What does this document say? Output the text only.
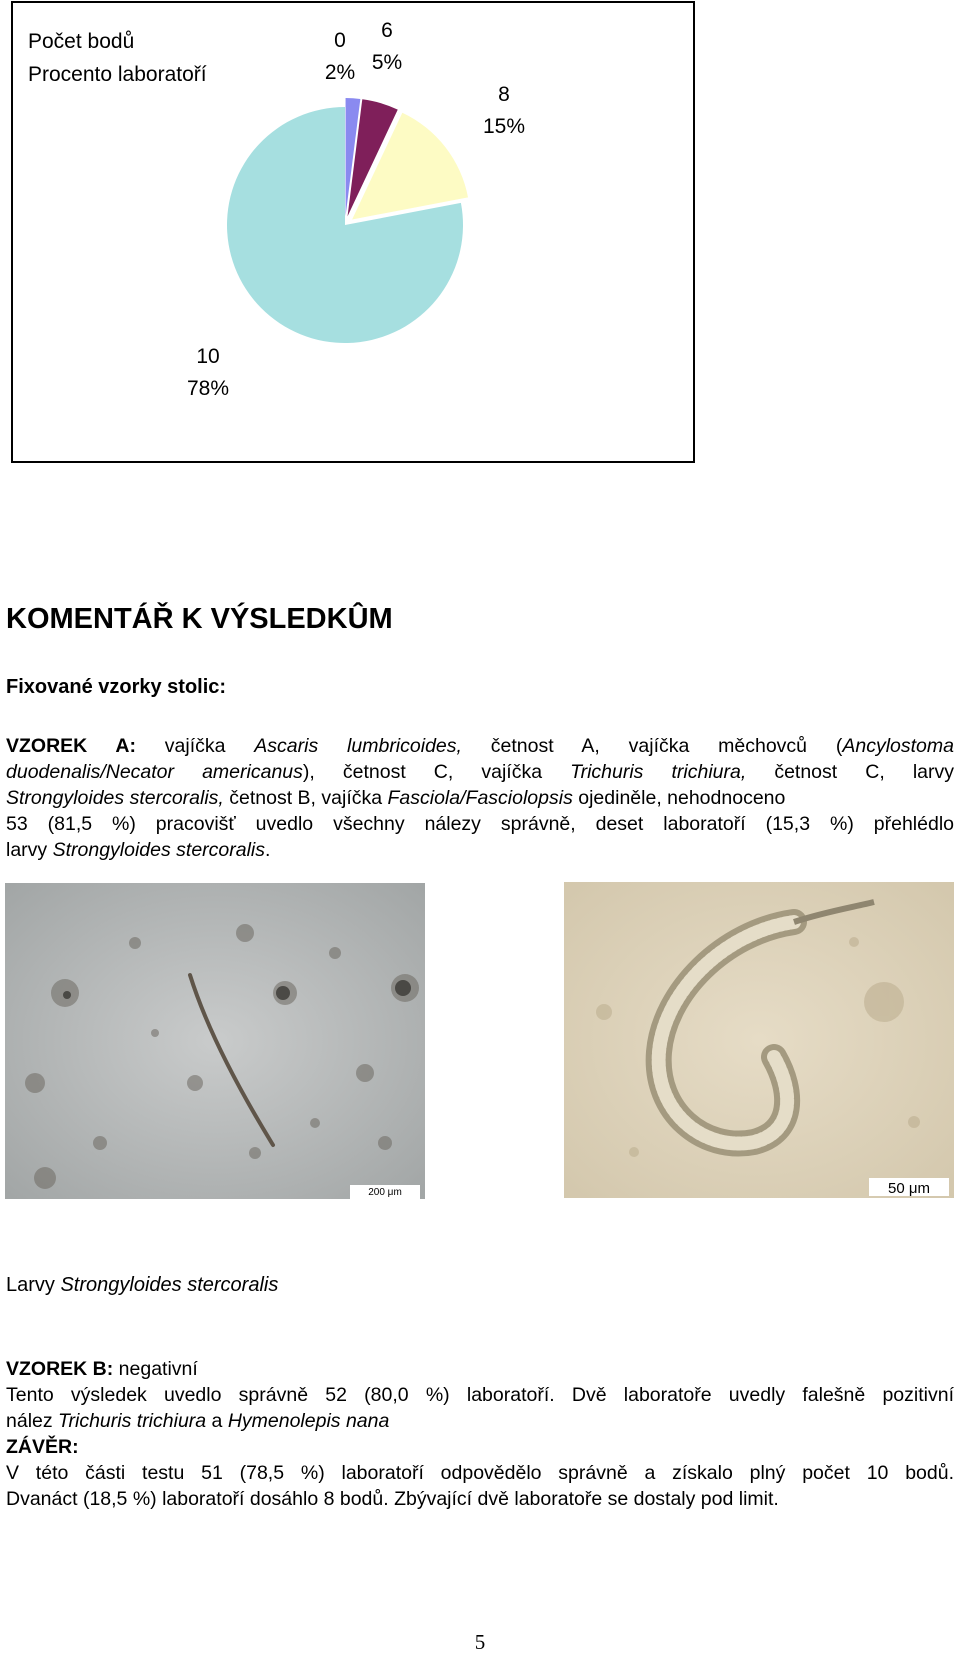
Počet bodů
Procento laboratoří
0
2%
6
5%
8
15%
10
78%
KOMENTÁŘ K VÝSLEDKÛM

Fixované vzorky stolic:

VZOREK A: vajíčka Ascaris lumbricoides, četnost A, vajíčka měchovců (Ancylostoma
duodenalis/Necator americanus), četnost C, vajíčka Trichuris trichiura, četnost C, larvy
Strongyloides stercoralis, četnost B, vajíčka Fasciola/Fasciolopsis ojediněle, nehodnoceno
53 (81,5 %) pracovišť uvedlo všechny nálezy správně, deset laboratoří (15,3 %) přehlédlo
larvy Strongyloides stercoralis.
200 μm	50 μm

Larvy Strongyloides stercoralis

VZOREK B: negativní
Tento výsledek uvedlo správně 52 (80,0 %) laboratoří. Dvě laboratoře uvedly falešně pozitivní
nález Trichuris trichiura a Hymenolepis nana
ZÁVĚR:
V této části testu 51 (78,5 %) laboratoří odpovědělo správně a získalo plný počet 10 bodů.
Dvanáct (18,5 %) laboratoří dosáhlo 8 bodů. Zbývající dvě laboratoře se dostaly pod limit.
5
